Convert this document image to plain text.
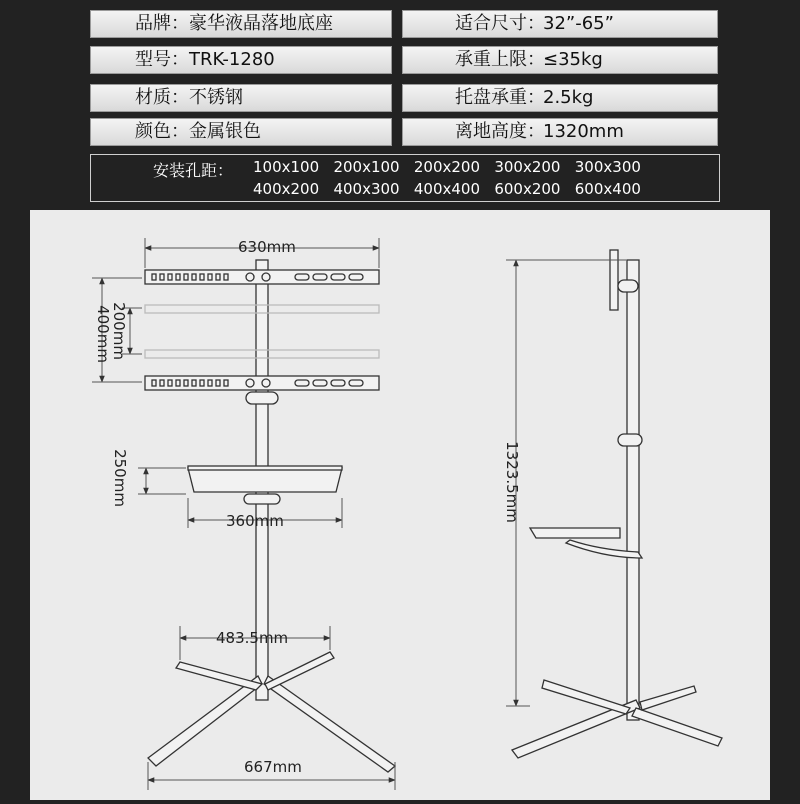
品牌： 豪华液晶落地底座	适合尺寸：
32”-65”
型号： TRK-1280	承重上限：
≤35kg
材质： 不锈钢	托盘承重：
2.5kg
颜色： 金属银色	离地高度：
1320mm
安装孔距： 100x100   200x100   200x200   300x200   300x300
400x200   400x300   400x400   600x200   600x400
630mm
400mm
200mm
250mm
360mm
483.5mm
667mm
1323.5mm
